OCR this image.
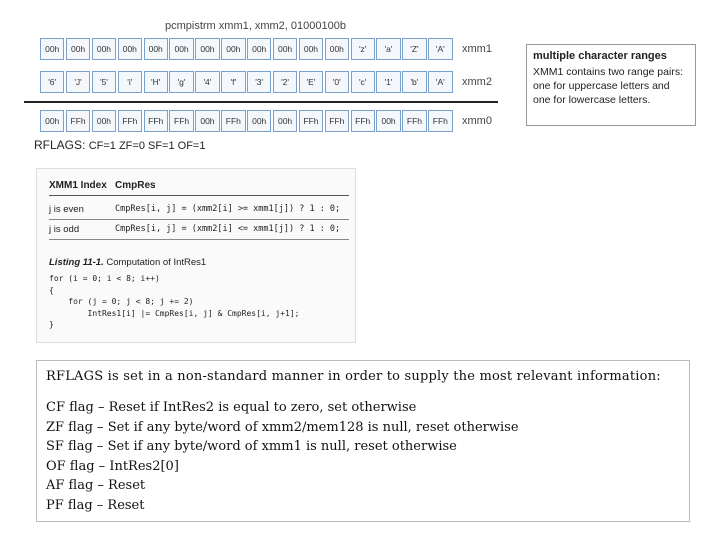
pcmpistrm xmm1, xmm2, 01000100b
00h	00h	00h	00h	00h	00h	00h	00h	00h	00h	00h	00h	'z'	'a'	'Z'	'A'	xmm1
'6'	'J'	'5'	'i'	'H'	'g'	'4'	'f'	'3'	'2'	'E'	'0'	'c'	'1'	'b'	'A'	xmm2
00h	FFh	00h	FFh	FFh	FFh	00h	FFh	00h	00h	FFh	FFh	FFh	00h	FFh	FFh	xmm0
RFLAGS: CF=1 ZF=0 SF=1 OF=1
multiple character ranges
XMM1 contains two range pairs: one for uppercase letters and one for lowercase letters.
XMM1 Index CmpRes
j is even	CmpRes[i, j] = (xmm2[i] >= xmm1[j]) ? 1 : 0;
j is odd	CmpRes[i, j] = (xmm2[i] <= xmm1[j]) ? 1 : 0;
Listing 11-1. Computation of IntRes1
for (i = 0; i < 8; i++)
{
for (j = 0; j < 8; j += 2)
IntRes1[i] |= CmpRes[i, j] & CmpRes[i, j+1];
}
RFLAGS is set in a non-standard manner in order to supply the most relevant information:
CF flag – Reset if IntRes2 is equal to zero, set otherwise
ZF flag – Set if any byte/word of xmm2/mem128 is null, reset otherwise
SF flag – Set if any byte/word of xmm1 is null, reset otherwise
OF flag – IntRes2[0]
AF flag – Reset
PF flag – Reset
